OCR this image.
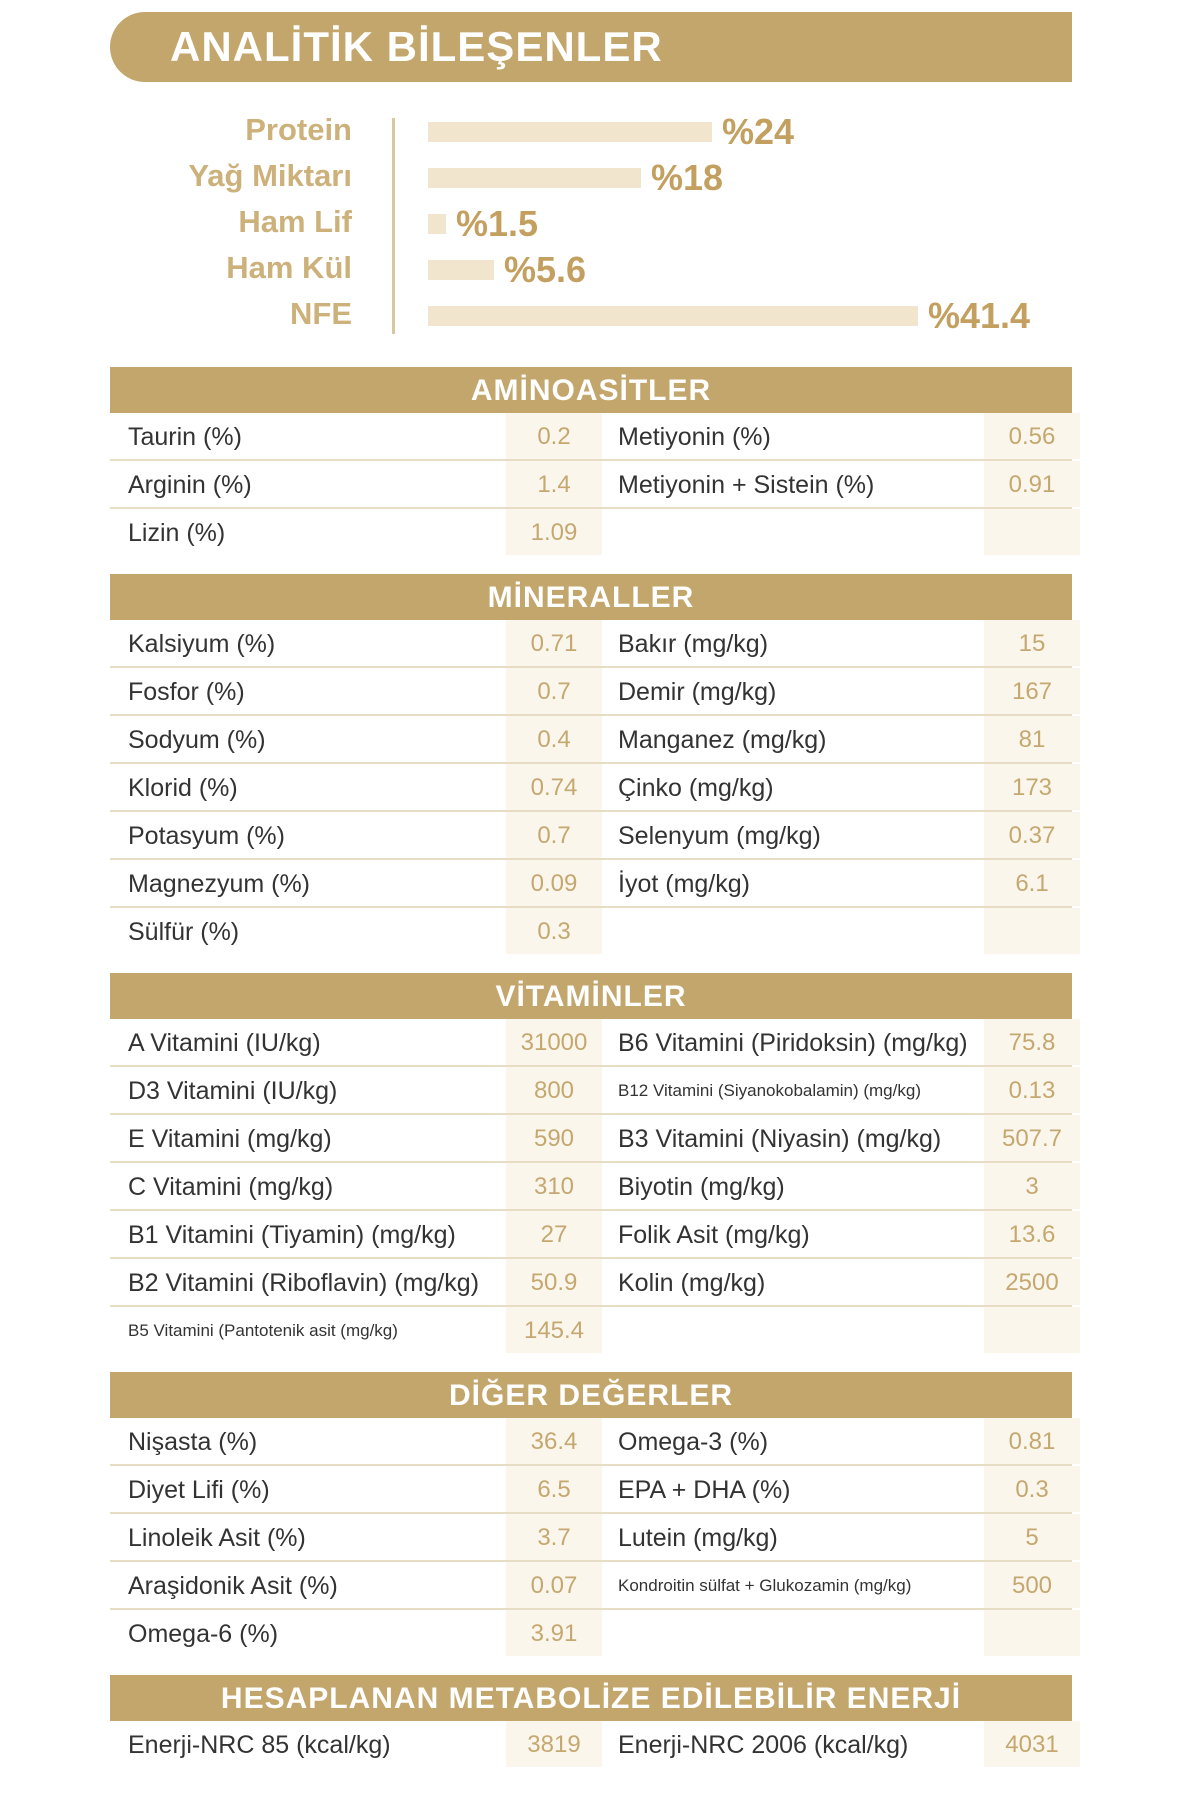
ANALİTİK BİLEŞENLER
Protein	%24
Yağ Miktarı	%18
Ham Lif	%1.5
Ham Kül	%5.6
NFE	%41.4
AMİNOASİTLER
Taurin (%)	0.2	Metiyonin (%)	0.56
Arginin (%)	1.4	Metiyonin + Sistein (%)	0.91
Lizin (%)	1.09
MİNERALLER
Kalsiyum (%)	0.71	Bakır (mg/kg)	15
Fosfor (%)	0.7	Demir (mg/kg)	167
Sodyum (%)	0.4	Manganez (mg/kg)	81
Klorid (%)	0.74	Çinko (mg/kg)	173
Potasyum (%)	0.7	Selenyum (mg/kg)	0.37
Magnezyum (%)	0.09	İyot (mg/kg)	6.1
Sülfür (%)	0.3
VİTAMİNLER
A Vitamini (IU/kg)	31000	B6 Vitamini (Piridoksin) (mg/kg)	75.8
D3 Vitamini (IU/kg)	800	B12 Vitamini (Siyanokobalamin) (mg/kg)	0.13
E Vitamini (mg/kg)	590	B3 Vitamini (Niyasin) (mg/kg)	507.7
C Vitamini (mg/kg)	310	Biyotin (mg/kg)	3
B1 Vitamini (Tiyamin) (mg/kg)	27	Folik Asit (mg/kg)	13.6
B2 Vitamini (Riboflavin) (mg/kg)	50.9	Kolin (mg/kg)	2500
B5 Vitamini (Pantotenik asit (mg/kg)	145.4
DİĞER DEĞERLER
Nişasta (%)	36.4	Omega-3 (%)	0.81
Diyet Lifi (%)	6.5	EPA + DHA (%)	0.3
Linoleik Asit (%)	3.7	Lutein (mg/kg)	5
Araşidonik Asit (%)	0.07	Kondroitin sülfat + Glukozamin (mg/kg)	500
Omega-6 (%)	3.91
HESAPLANAN METABOLİZE EDİLEBİLİR ENERJİ
Enerji-NRC 85 (kcal/kg)	3819	Enerji-NRC 2006 (kcal/kg)	4031
